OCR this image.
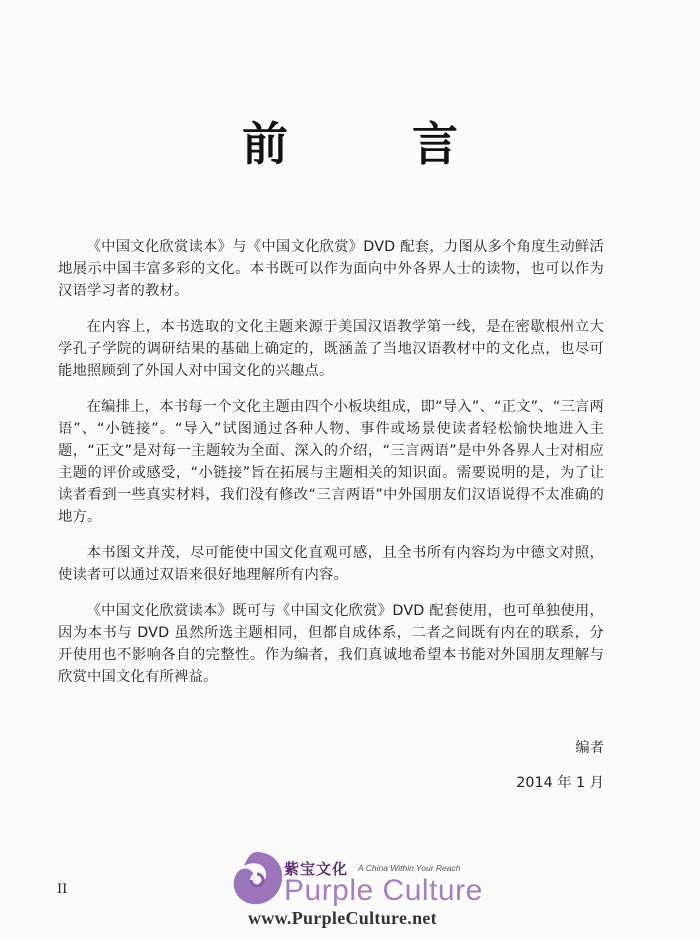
前 言

《中国文化欣赏读本》与《中国文化欣赏》DVD 配套，力图从多个角度生动鲜活地展示中国丰富多彩的文化。本书既可以作为面向中外各界人士的读物，也可以作为汉语学习者的教材。

在内容上，本书选取的文化主题来源于美国汉语教学第一线，是在密歇根州立大学孔子学院的调研结果的基础上确定的，既涵盖了当地汉语教材中的文化点，也尽可能地照顾到了外国人对中国文化的兴趣点。

在编排上，本书每一个文化主题由四个小板块组成，即“导入”、“正文”、“三言两语”、“小链接”。“导入”试图通过各种人物、事件或场景使读者轻松愉快地进入主题，“正文”是对每一主题较为全面、深入的介绍，“三言两语”是中外各界人士对相应主题的评价或感受，“小链接”旨在拓展与主题相关的知识面。需要说明的是，为了让读者看到一些真实材料，我们没有修改“三言两语”中外国朋友们汉语说得不太准确的地方。

本书图文并茂，尽可能使中国文化直观可感，且全书所有内容均为中德文对照，使读者可以通过双语来很好地理解所有内容。

《中国文化欣赏读本》既可与《中国文化欣赏》DVD 配套使用，也可单独使用，因为本书与 DVD 虽然所选主题相同，但都自成体系，二者之间既有内在的联系，分开使用也不影响各自的完整性。作为编者，我们真诚地希望本书能对外国朋友理解与欣赏中国文化有所裨益。

编者
2014 年 1 月
II
紫宝文化 A China Within Your Reach
Purple Culture
www.PurpleCulture.net
